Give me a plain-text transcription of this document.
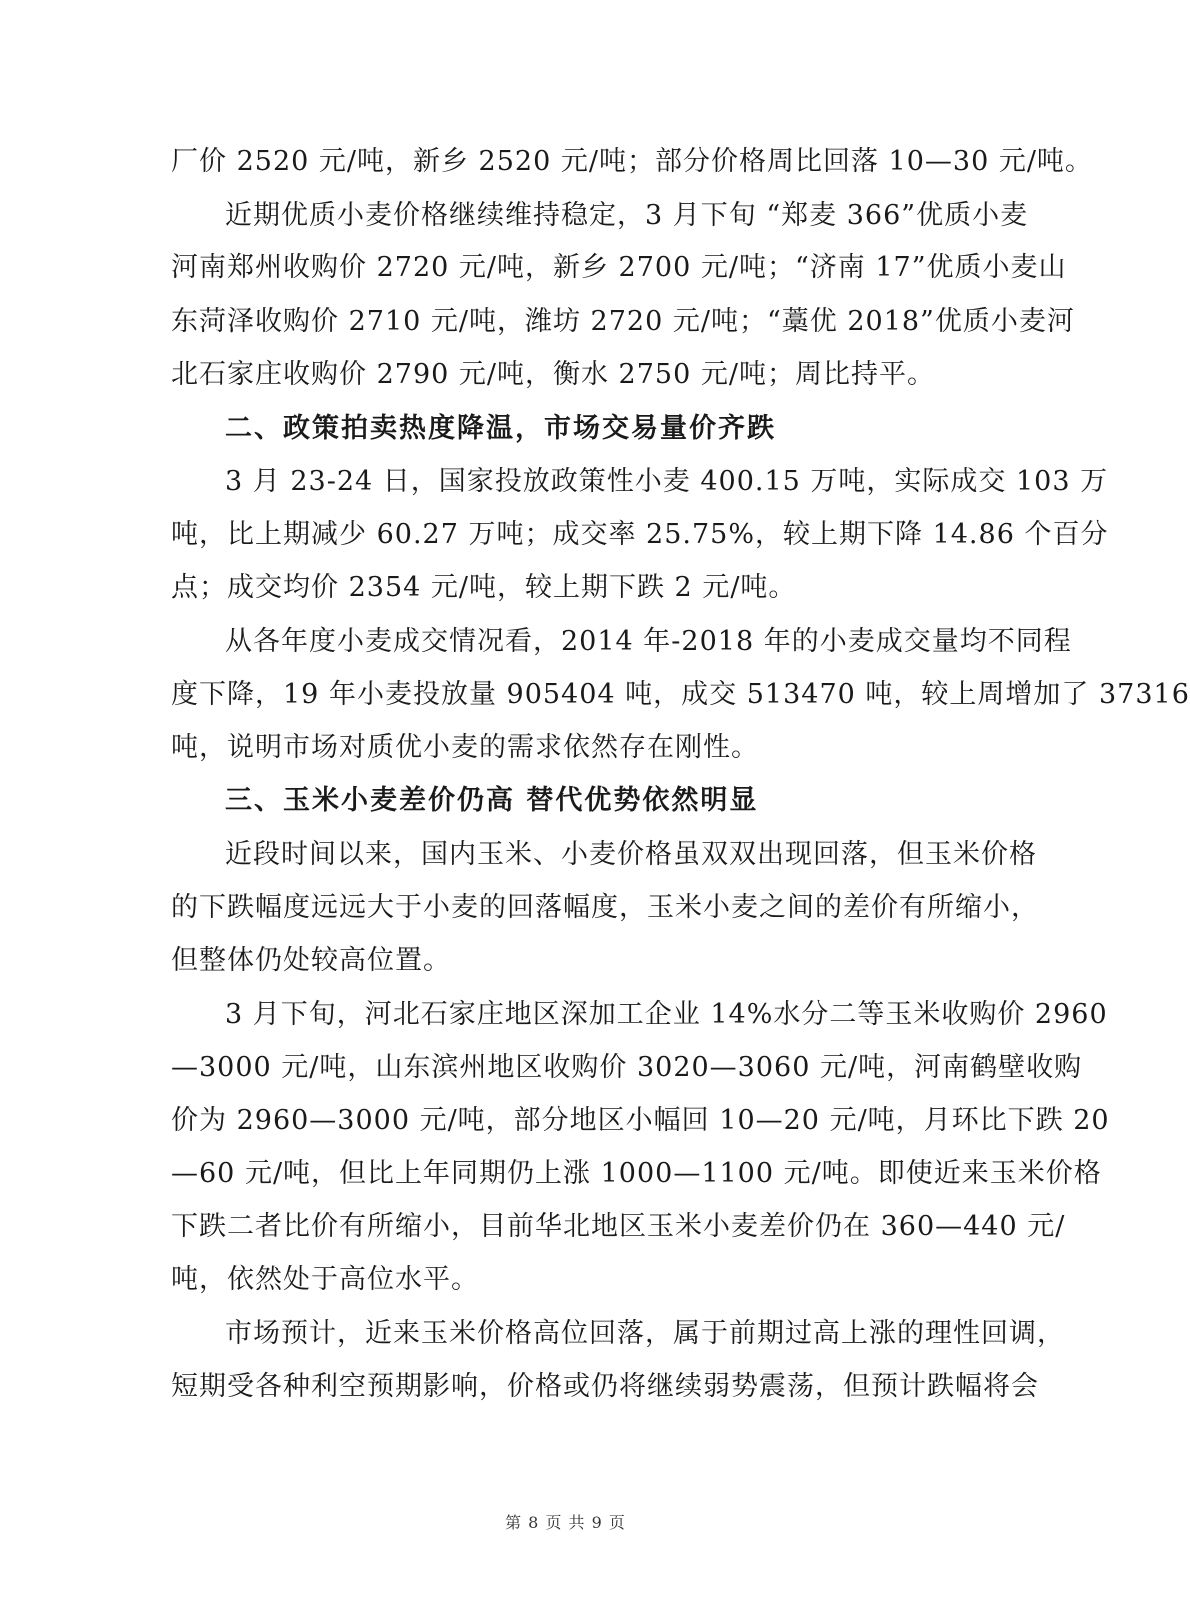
厂价 2520 元/吨，新乡 2520 元/吨；部分价格周比回落 10—30 元/吨。
近期优质小麦价格继续维持稳定，3 月下旬 “郑麦 366”优质小麦
河南郑州收购价 2720 元/吨，新乡 2700 元/吨；“济南 17”优质小麦山
东菏泽收购价 2710 元/吨，潍坊 2720 元/吨；“藁优 2018”优质小麦河
北石家庄收购价 2790 元/吨，衡水 2750 元/吨；周比持平。
二、政策拍卖热度降温，市场交易量价齐跌
3 月 23-24 日，国家投放政策性小麦 400.15 万吨，实际成交 103 万
吨，比上期减少 60.27 万吨；成交率 25.75%，较上期下降 14.86 个百分
点；成交均价 2354 元/吨，较上期下跌 2 元/吨。
从各年度小麦成交情况看，2014 年-2018 年的小麦成交量均不同程
度下降，19 年小麦投放量 905404 吨，成交 513470 吨，较上周增加了 37316
吨，说明市场对质优小麦的需求依然存在刚性。
三、玉米小麦差价仍高 替代优势依然明显
近段时间以来，国内玉米、小麦价格虽双双出现回落，但玉米价格
的下跌幅度远远大于小麦的回落幅度，玉米小麦之间的差价有所缩小，
但整体仍处较高位置。
3 月下旬，河北石家庄地区深加工企业 14%水分二等玉米收购价 2960
—3000 元/吨，山东滨州地区收购价 3020—3060 元/吨，河南鹤壁收购
价为 2960—3000 元/吨，部分地区小幅回 10—20 元/吨，月环比下跌 20
—60 元/吨，但比上年同期仍上涨 1000—1100 元/吨。即使近来玉米价格
下跌二者比价有所缩小，目前华北地区玉米小麦差价仍在 360—440 元/
吨，依然处于高位水平。
市场预计，近来玉米价格高位回落，属于前期过高上涨的理性回调，
短期受各种利空预期影响，价格或仍将继续弱势震荡，但预计跌幅将会
第 8 页 共 9 页
